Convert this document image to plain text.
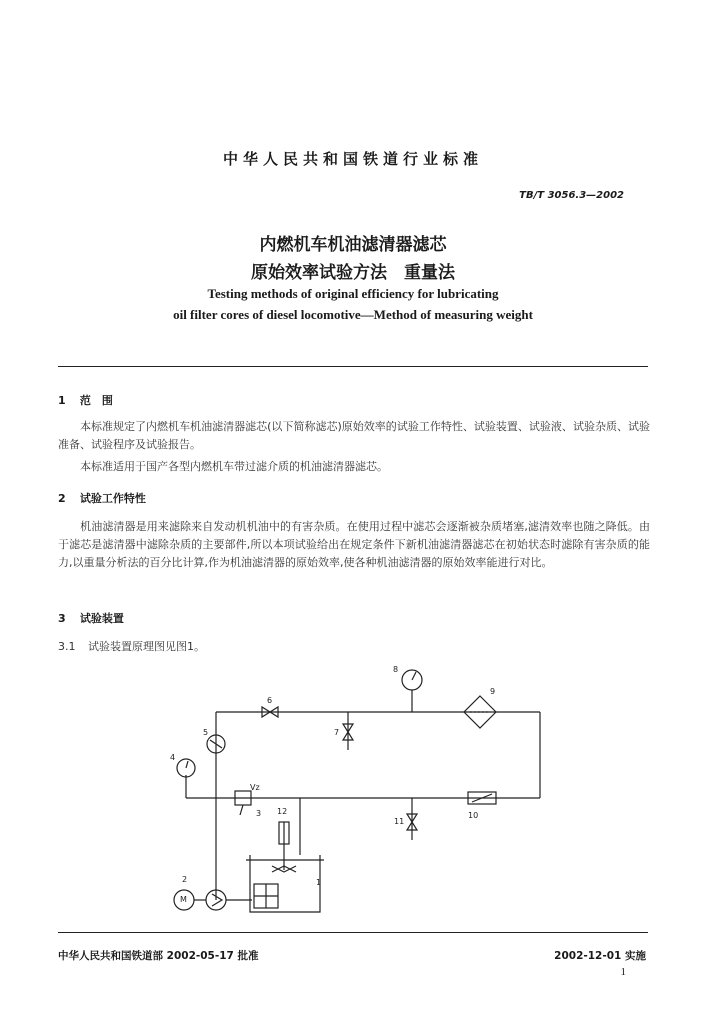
中华人民共和国铁道行业标准
TB/T 3056.3—2002
内燃机车机油滤清器滤芯
原始效率试验方法　重量法
Testing methods of original efficiency for lubricating
oil filter cores of diesel locomotive—Method of measuring weight
1 范　围
本标准规定了内燃机车机油滤清器滤芯(以下简称滤芯)原始效率的试验工作特性、试验装置、试验液、试验杂质、试验准备、试验程序及试验报告。
本标准适用于国产各型内燃机车带过滤介质的机油滤清器滤芯。
2 试验工作特性
机油滤清器是用来滤除来自发动机机油中的有害杂质。在使用过程中滤芯会逐渐被杂质堵塞,滤清效率也随之降低。由于滤芯是滤清器中滤除杂质的主要部件,所以本项试验给出在规定条件下新机油滤清器滤芯在初始状态时滤除有害杂质的能力,以重量分析法的百分比计算,作为机油滤清器的原始效率,使各种机油滤清器的原始效率能进行对比。
3 试验装置
3.1 试验装置原理图见图1。
Vz
M
1
2
3
4
5
6
7
8
9
10
11
12
中华人民共和国铁道部 2002-05-17 批准	2002-12-01 实施
1
